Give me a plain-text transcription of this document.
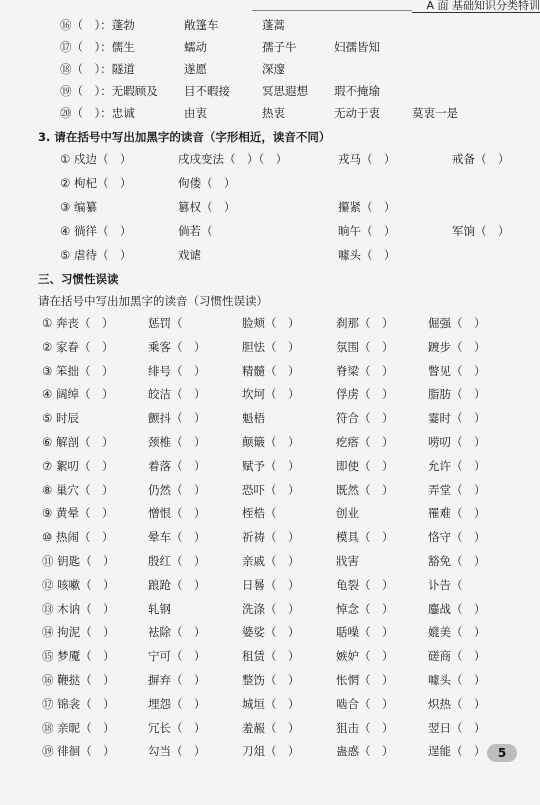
A 面 基础知识分类特训
⑯（　）：蓬勃	敞篷车	蓬蒿
⑰（　）：儒生	蠕动	孺子牛	妇孺皆知
⑱（　）：隧道	遂愿	深邃
⑲（　）：无暇顾及 目不暇接	冥思遐想 瑕不掩瑜
⑳（　）：忠诚	由衷	热衷	无动于衷	莫衷一是
3. 请在括号中写出加黑字的读音（字形相近，读音不同）
① 戍边（　）	戌戌变法（　）（　）	戎马（　）	戒备（　）
② 枸杞（　）	佝偻（　）
③ 编纂	篡权（　）	攥紧（　）
④ 徜徉（　）	倘若（	晌午（　）	军饷（　）
⑤ 虐待（　）	戏谑	噱头（　）
三、习惯性误读
请在括号中写出加黑字的读音（习惯性误读）
① 奔丧（　）	惩罚（	脸颊（　）	刹那（　）	倔强（　）
② 家眷（　）	乘客（　）	胆怯（　）	氛围（　）	踱步（　）
③ 笨拙（　）	绯号（　）	精髓（　）	脊梁（　）	瞥见（　）
④ 阔绰（　）	皎洁（　）	坎坷（　）	俘虏（　）	脂肪（　）
⑤ 时辰	颤抖（　）	魁梧	符合（　）	霎时（　）
⑥ 解剖（　）	颈椎（　）	颠簸（　）	疙瘩（　）	唠叨（　）
⑦ 絮叨（　）	着落（　）	赋予（　）	即使（　）	允许（　）
⑧ 巢穴（　）	仍然（　）	恐吓（　）	既然（　）	弄堂（　）
⑨ 黄晕（　）	憎恨（　）	桎梏（	创业	罹难（　）
⑩ 热闹（　）	晕车（　）	祈祷（　）	模具（　）	恪守（　）
⑪ 钥匙（　）	殷红（　）	亲戚（　）	戕害	豁免（　）
⑫ 咳嗽（　）	踉跄（　）	日晷（　）	龟裂（　）	讣告（
⑬ 木讷（　）	轧钢	洗涤（　）	悼念（　）	鏖战（　）
⑭ 拘泥（　）	袪除（　）	婆娑（　）	聒噪（　）	媲美（　）
⑮ 梦魇（　）	宁可（　）	租赁（　）	嫉妒（　）	磋商（　）
⑯ 鞭挞（　）	摒弃（　）	整饬（　）	怅惘（　）	噱头（　）
⑰ 锦衾（　）	埋怨（　）	城垣（　）	啮合（　）	炽热（　）
⑱ 亲昵（　）	冗长（　）	羞赧（　）	狙击（　）	翌日（　）
⑲ 徘徊（　）	勾当（　）	刀俎（　）	蛊惑（　）	逞能（　）	5
